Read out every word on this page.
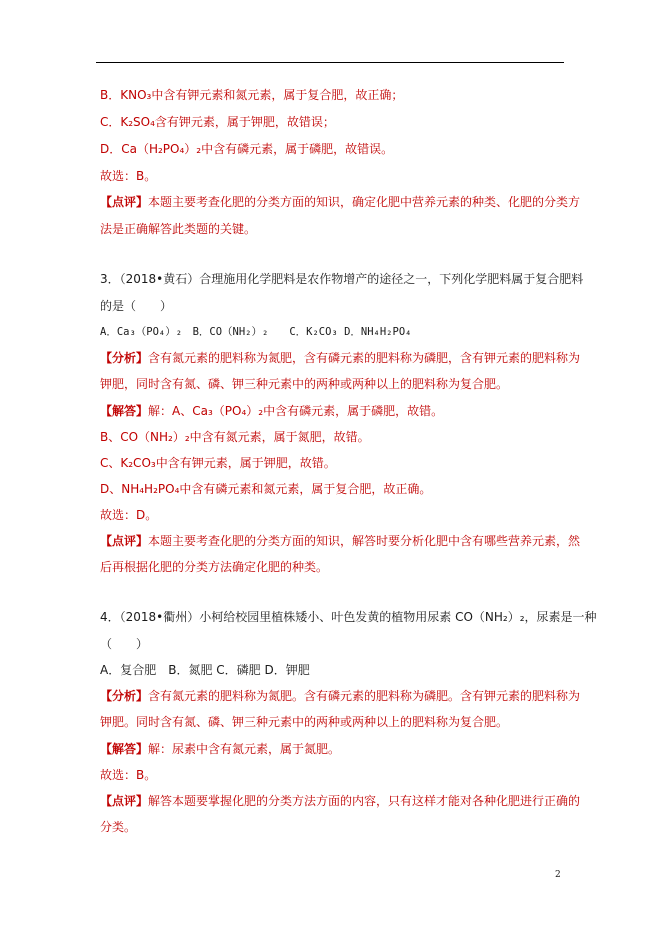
B．KNO₃中含有钾元素和氮元素，属于复合肥，故正确；
C．K₂SO₄含有钾元素，属于钾肥，故错误；
D．Ca（H₂PO₄）₂中含有磷元素，属于磷肥，故错误。
故选：B。
【点评】本题主要考查化肥的分类方面的知识，确定化肥中营养元素的种类、化肥的分类方
法是正确解答此类题的关键。
3．（2018•黄石）合理施用化学肥料是农作物增产的途径之一，下列化学肥料属于复合肥料
的是（　　）
A．Ca₃（PO₄）₂　B．CO（NH₂）₂　　C．K₂CO₃ D．NH₄H₂PO₄
【分析】含有氮元素的肥料称为氮肥，含有磷元素的肥料称为磷肥，含有钾元素的肥料称为
钾肥，同时含有氮、磷、钾三种元素中的两种或两种以上的肥料称为复合肥。
【解答】解：A、Ca₃（PO₄）₂中含有磷元素，属于磷肥，故错。
B、CO（NH₂）₂中含有氮元素，属于氮肥，故错。
C、K₂CO₃中含有钾元素，属于钾肥，故错。
D、NH₄H₂PO₄中含有磷元素和氮元素，属于复合肥，故正确。
故选：D。
【点评】本题主要考查化肥的分类方面的知识，解答时要分析化肥中含有哪些营养元素，然
后再根据化肥的分类方法确定化肥的种类。
4．（2018•衢州）小柯给校园里植株矮小、叶色发黄的植物用尿素 CO（NH₂）₂，尿素是一种
（　　）
A．复合肥　B．氮肥 C．磷肥 D．钾肥
【分析】含有氮元素的肥料称为氮肥。含有磷元素的肥料称为磷肥。含有钾元素的肥料称为
钾肥。同时含有氮、磷、钾三种元素中的两种或两种以上的肥料称为复合肥。
【解答】解：尿素中含有氮元素，属于氮肥。
故选：B。
【点评】解答本题要掌握化肥的分类方法方面的内容，只有这样才能对各种化肥进行正确的
分类。
2
